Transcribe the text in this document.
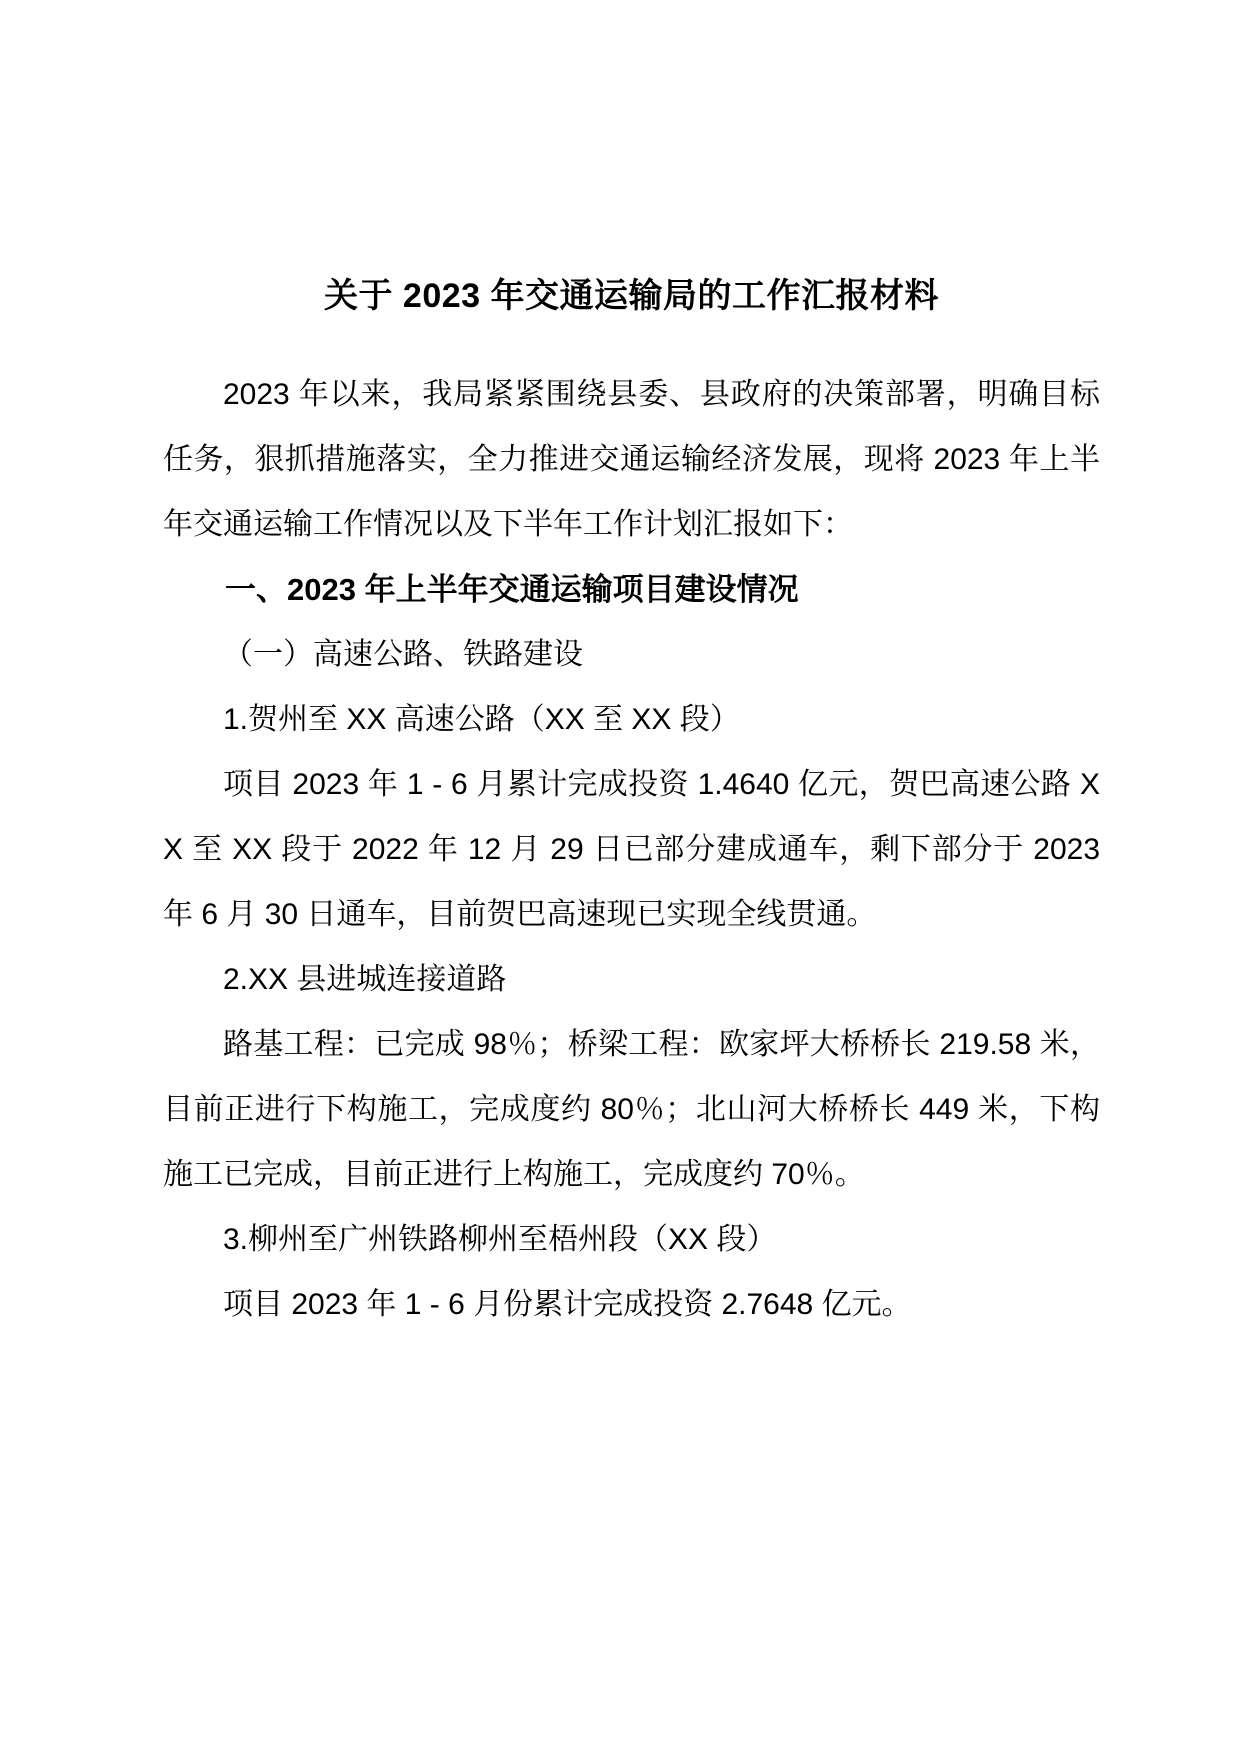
关于 2023 年交通运输局的工作汇报材料

2023 年以来，我局紧紧围绕县委、县政府的决策部署，明确目标任务，狠抓措施落实，全力推进交通运输经济发展，现将 2023 年上半年交通运输工作情况以及下半年工作计划汇报如下：

一、2023 年上半年交通运输项目建设情况

（一）高速公路、铁路建设

1.贺州至 XX 高速公路（XX 至 XX 段）

项目 2023 年 1 - 6 月累计完成投资 1.4640 亿元，贺巴高速公路 XX 至 XX 段于 2022 年 12 月 29 日已部分建成通车，剩下部分于 2023 年 6 月 30 日通车，目前贺巴高速现已实现全线贯通。

2.XX 县进城连接道路

路基工程：已完成 98％；桥梁工程：欧家坪大桥桥长 219.58 米，目前正进行下构施工，完成度约 80％；北山河大桥桥长 449 米，下构施工已完成，目前正进行上构施工，完成度约 70％。

3.柳州至广州铁路柳州至梧州段（XX 段）

项目 2023 年 1 - 6 月份累计完成投资 2.7648 亿元。
